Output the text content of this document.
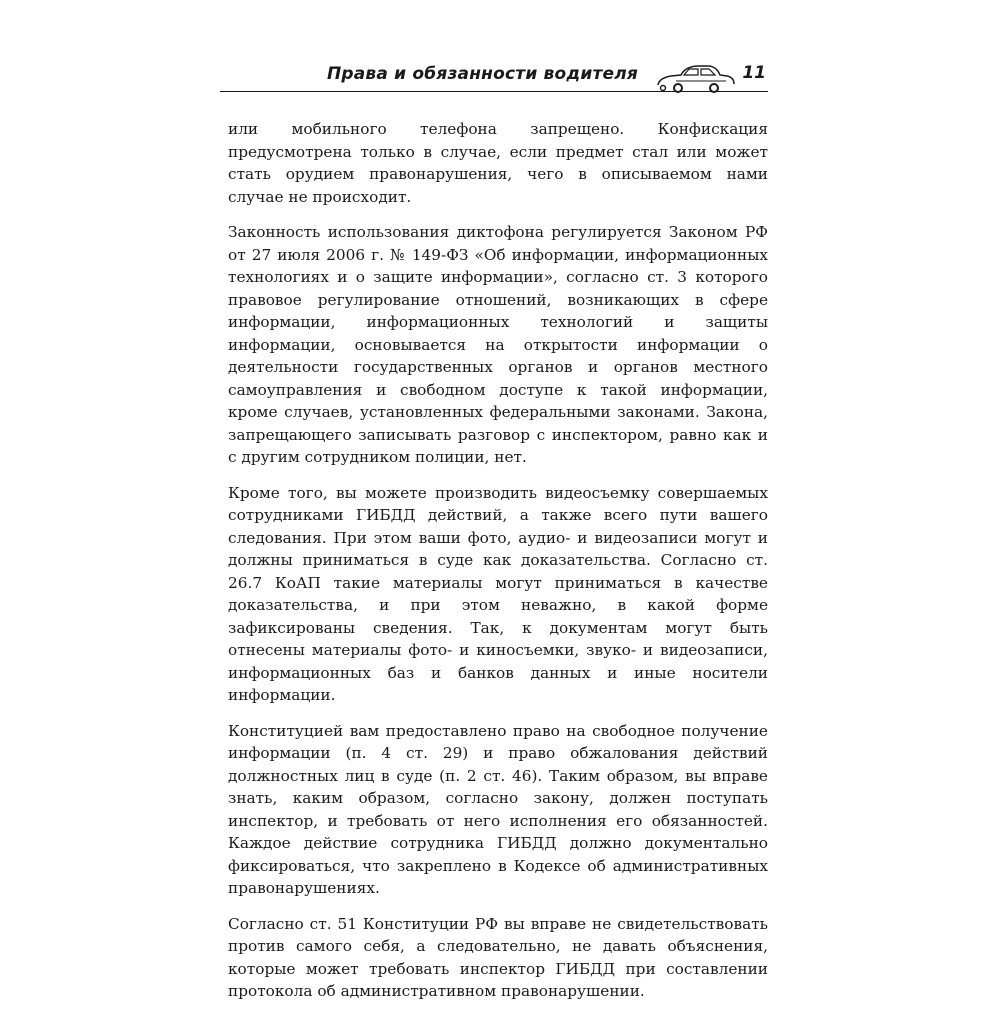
Права и обязанности водителя	11

или мобильного телефона запрещено. Конфискация предусмотрена только в случае, если предмет стал или может стать орудием правонарушения, чего в описываемом нами случае не происходит.

Законность использования диктофона регулируется Законом РФ от 27 июля 2006 г. № 149-ФЗ «Об информации, информационных технологиях и о защите информации», согласно ст. 3 которого правовое регулирование отношений, возникающих в сфере информации, информационных технологий и защиты информации, основывается на открытости информации о деятельности государственных органов и органов местного самоуправления и свободном доступе к такой информации, кроме случаев, установленных федеральными законами. Закона, запрещающего записывать разговор с инспектором, равно как и с другим сотрудником полиции, нет.

Кроме того, вы можете производить видеосъемку совершаемых сотрудниками ГИБДД действий, а также всего пути вашего следования. При этом ваши фото, аудио- и видеозаписи могут и должны приниматься в суде как доказательства. Согласно ст. 26.7 КоАП такие материалы могут приниматься в качестве доказательства, и при этом неважно, в какой форме зафиксированы сведения. Так, к документам могут быть отнесены материалы фото- и киносъемки, звуко- и видеозаписи, информационных баз и банков данных и иные носители информации.

Конституцией вам предоставлено право на свободное получение информации (п. 4 ст. 29) и право обжалования действий должностных лиц в суде (п. 2 ст. 46). Таким образом, вы вправе знать, каким образом, согласно закону, должен поступать инспектор, и требовать от него исполнения его обязанностей. Каждое действие сотрудника ГИБДД должно документально фиксироваться, что закреплено в Кодексе об административных правонарушениях.

Согласно ст. 51 Конституции РФ вы вправе не свидетельствовать против самого себя, а следовательно, не давать объяснения, которые может требовать инспектор ГИБДД при составлении протокола об административном правонарушении.
